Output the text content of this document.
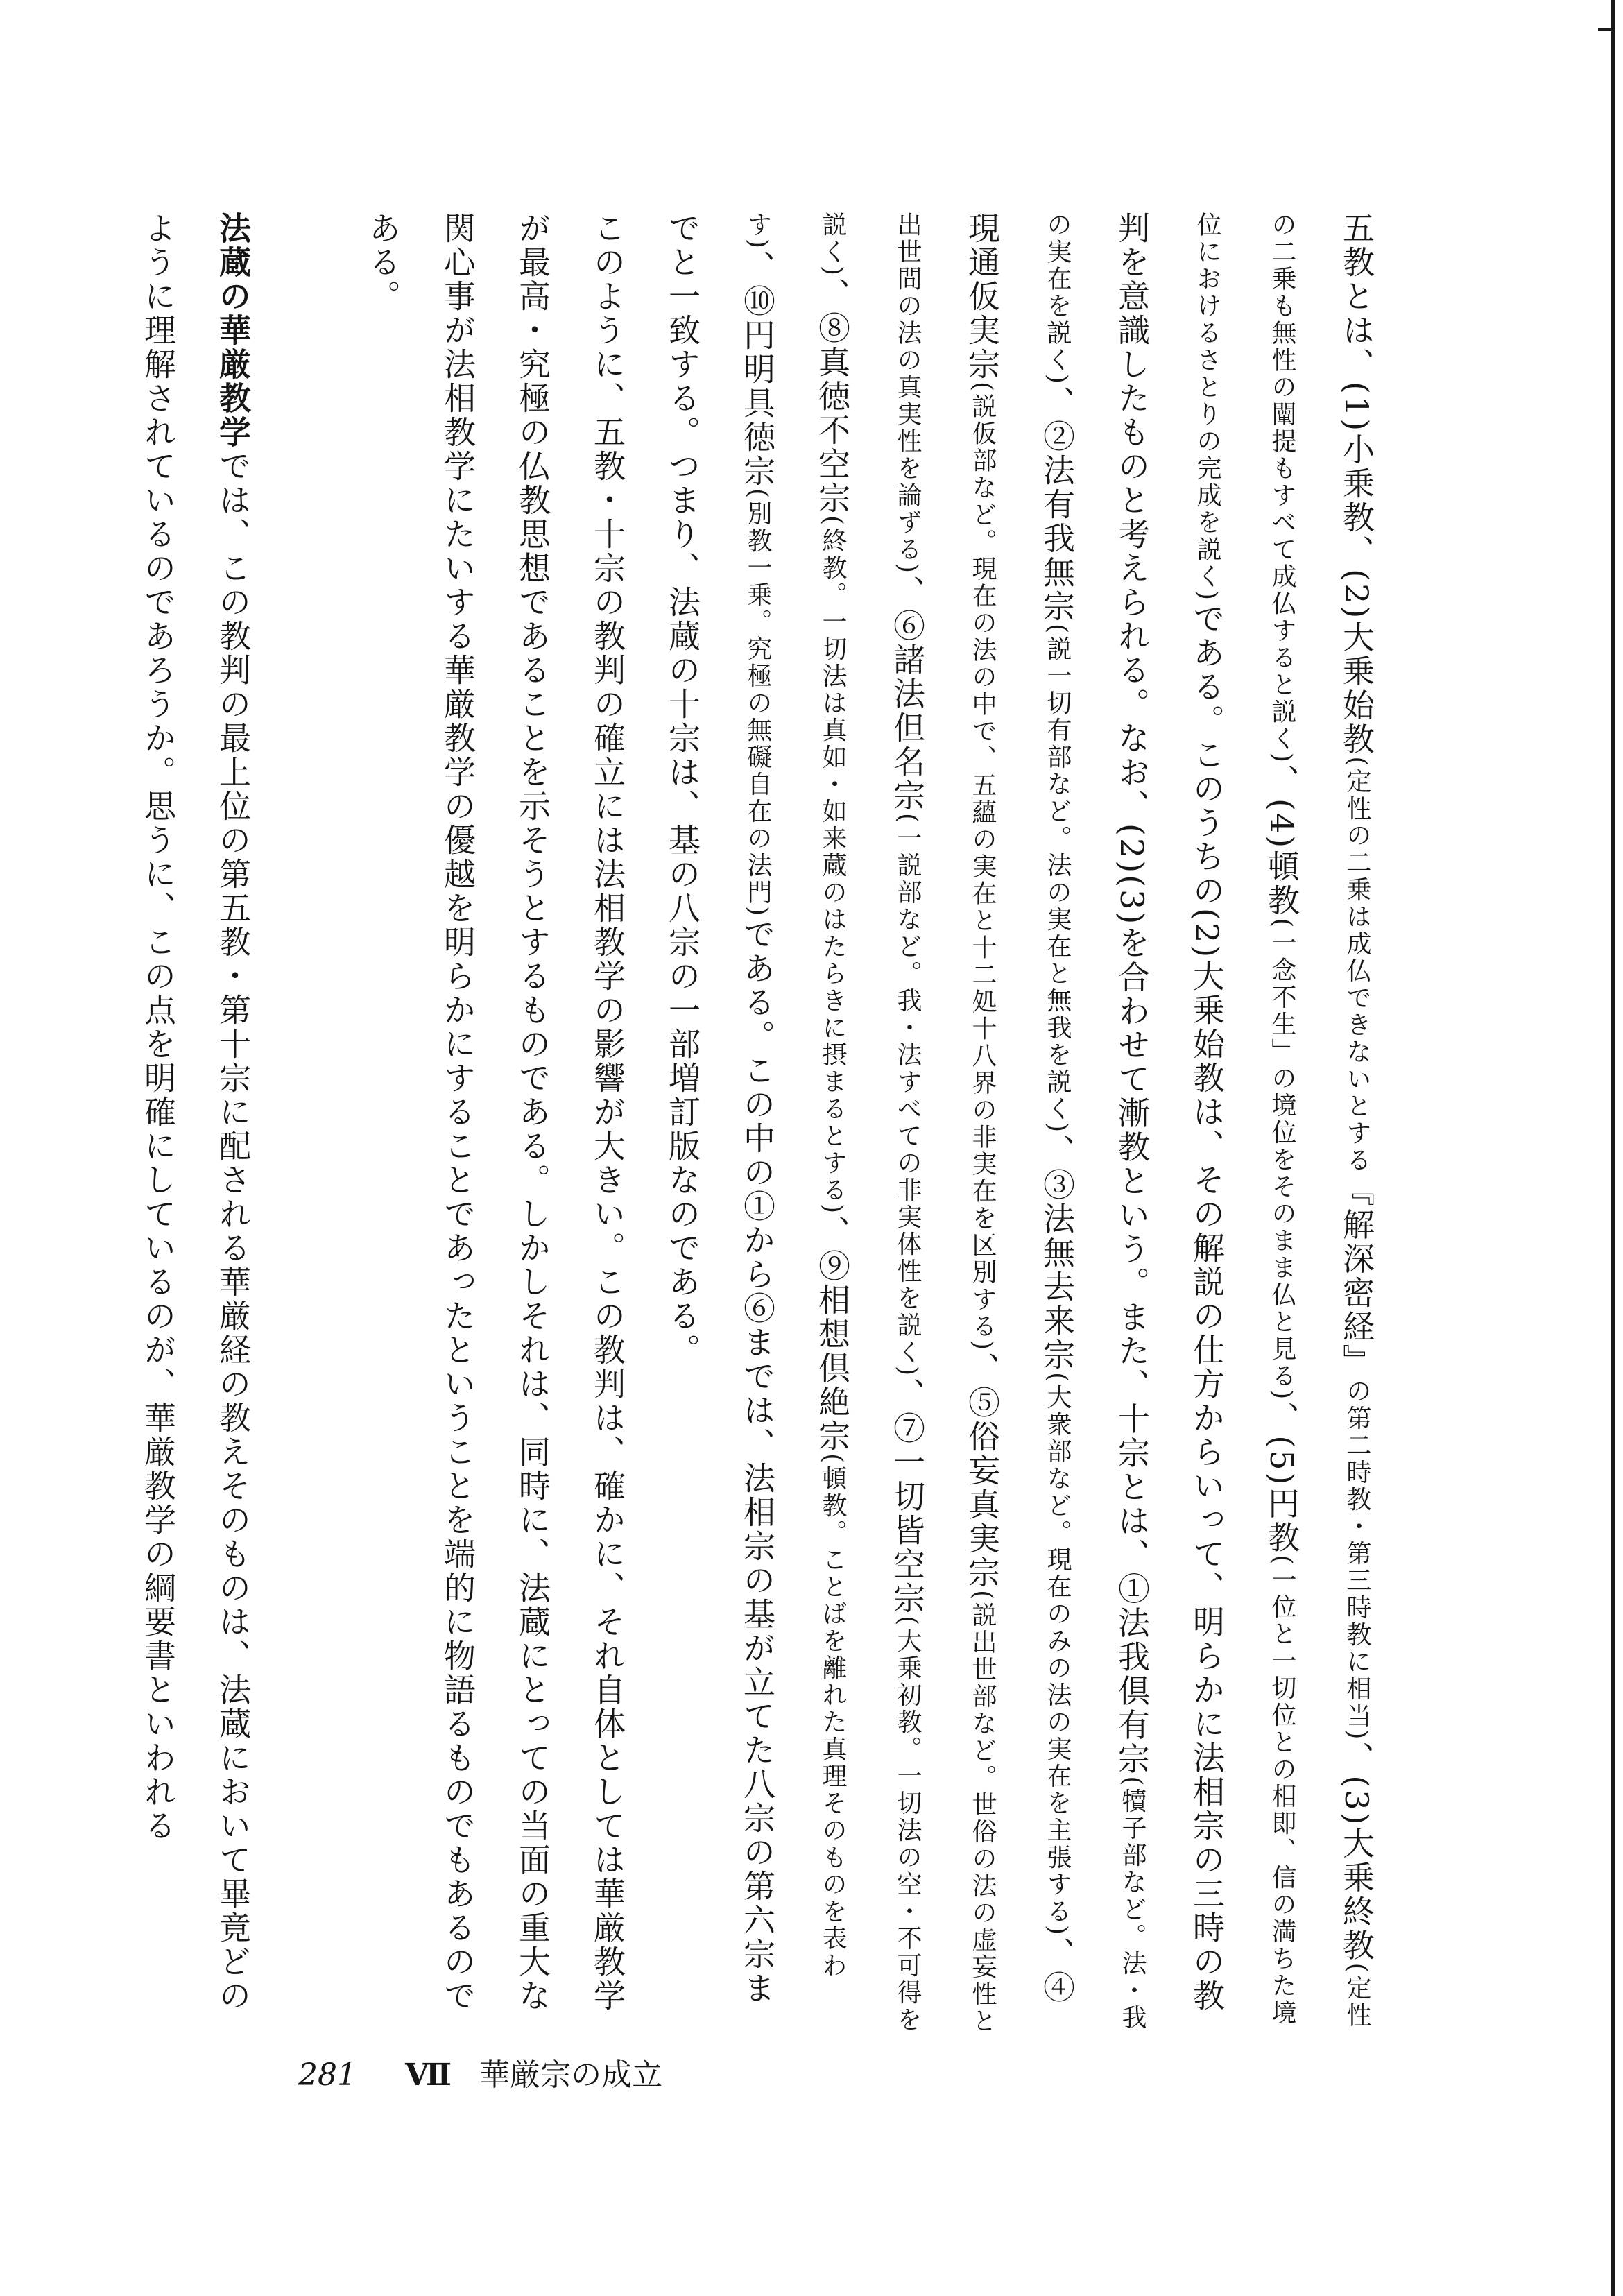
五教とは、(1)小乗教、(2)大乗始教(定性の二乗は成仏できないとする『解深密経』の第二時教・第三時教に相当)、(3)大乗終教(定性の二乗も無性の闡提もすべて成仏すると説く)、(4)頓教(一念不生」の境位をそのまま仏と見る)、(5)円教(一位と一切位との相即、信の満ちた境位におけるさとりの完成を説く)である。このうちの(2)大乗始教は、その解説の仕方からいって、明らかに法相宗の三時の教判を意識したものと考えられる。なお、(2)(3)を合わせて漸教という。また、十宗とは、①法我倶有宗(犢子部など。法・我の実在を説く)、②法有我無宗(説一切有部など。法の実在と無我を説く)、③法無去来宗(大衆部など。現在のみの法の実在を主張する)、④現通仮実宗(説仮部など。現在の法の中で、五蘊の実在と十二処十八界の非実在を区別する)、⑤俗妄真実宗(説出世部など。世俗の法の虚妄性と出世間の法の真実性を論ずる)、⑥諸法但名宗(一説部など。我・法すべての非実体性を説く)、⑦一切皆空宗(大乗初教。一切法の空・不可得を説く)、⑧真徳不空宗(終教。一切法は真如・如来蔵のはたらきに摂まるとする)、⑨相想倶絶宗(頓教。ことばを離れた真理そのものを表わす)、⑩円明具徳宗(別教一乗。究極の無礙自在の法門)である。この中の①から⑥までは、法相宗の基が立てた八宗の第六宗までと一致する。つまり、法蔵の十宗は、基の八宗の一部増訂版なのである。

このように、五教・十宗の教判の確立には法相教学の影響が大きい。この教判は、確かに、それ自体としては華厳教学が最高・究極の仏教思想であることを示そうとするものである。しかしそれは、同時に、法蔵にとっての当面の重大な関心事が法相教学にたいする華厳教学の優越を明らかにすることであったということを端的に物語るものでもあるのである。

法蔵の華厳教学では、この教判の最上位の第五教・第十宗に配される華厳経の教えそのものは、法蔵において畢竟どのように理解されているのであろうか。思うに、この点を明確にしているのが、華厳教学の綱要書といわれる

281 Ⅶ 華厳宗の成立
